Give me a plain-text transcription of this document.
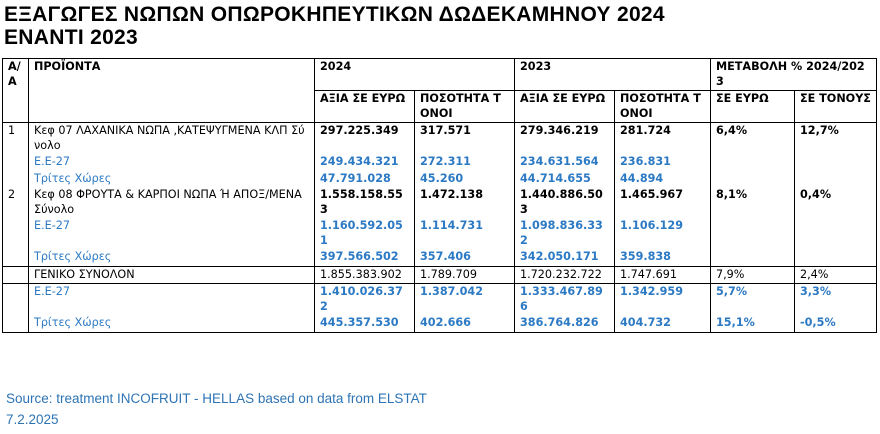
ΕΞΑΓΩΓΕΣ ΝΩΠΩΝ ΟΠΩΡΟΚΗΠΕΥΤΙΚΩΝ ΔΩΔΕΚΑΜΗΝΟΥ 2024
ΕΝΑΝΤΙ 2023
Α/Α	ΠΡΟΪΟΝΤΑ	2024		2023		ΜΕΤΑΒΟΛΗ % 2024/2023	
		ΑΞΙΑ ΣΕ ΕΥΡΩ	ΠΟΣΟΤΗΤΑ ΤΟΝΟΙ	ΑΞΙΑ ΣΕ ΕΥΡΩ	ΠΟΣΟΤΗΤΑ ΤΟΝΟΙ	ΣΕ ΕΥΡΩ	ΣΕ ΤΟΝΟΥΣ
1	Κεφ 07 ΛΑΧΑΝΙΚΑ ΝΩΠΑ ,ΚΑΤΕΨΥΓΜΕΝΑ ΚΛΠ Σύνολο	297.225.349	317.571	279.346.219	281.724	6,4%	12,7%
	Ε.Ε-27	249.434.321	272.311	234.631.564	236.831		
	Τρίτες Χώρες	47.791.028	45.260	44.714.655	44.894		
2	Κεφ 08 ΦΡΟΥΤΑ & ΚΑΡΠΟΙ ΝΩΠΑ Ή ΑΠΟΞ/ΜΕΝΑ Σύνολο	1.558.158.553	1.472.138	1.440.886.503	1.465.967	8,1%	0,4%
	Ε.Ε-27	1.160.592.051	1.114.731	1.098.836.332	1.106.129		
	Τρίτες Χώρες	397.566.502	357.406	342.050.171	359.838		
	ΓΕΝΙΚΟ ΣΥΝΟΛΟΝ	1.855.383.902	1.789.709	1.720.232.722	1.747.691	7,9%	2,4%
	Ε.Ε-27	1.410.026.372	1.387.042	1.333.467.896	1.342.959	5,7%	3,3%
	Τρίτες Χώρες	445.357.530	402.666	386.764.826	404.732	15,1%	-0,5%
Source: treatment INCOFRUIT - HELLAS based on data from ELSTAT
7.2.2025
